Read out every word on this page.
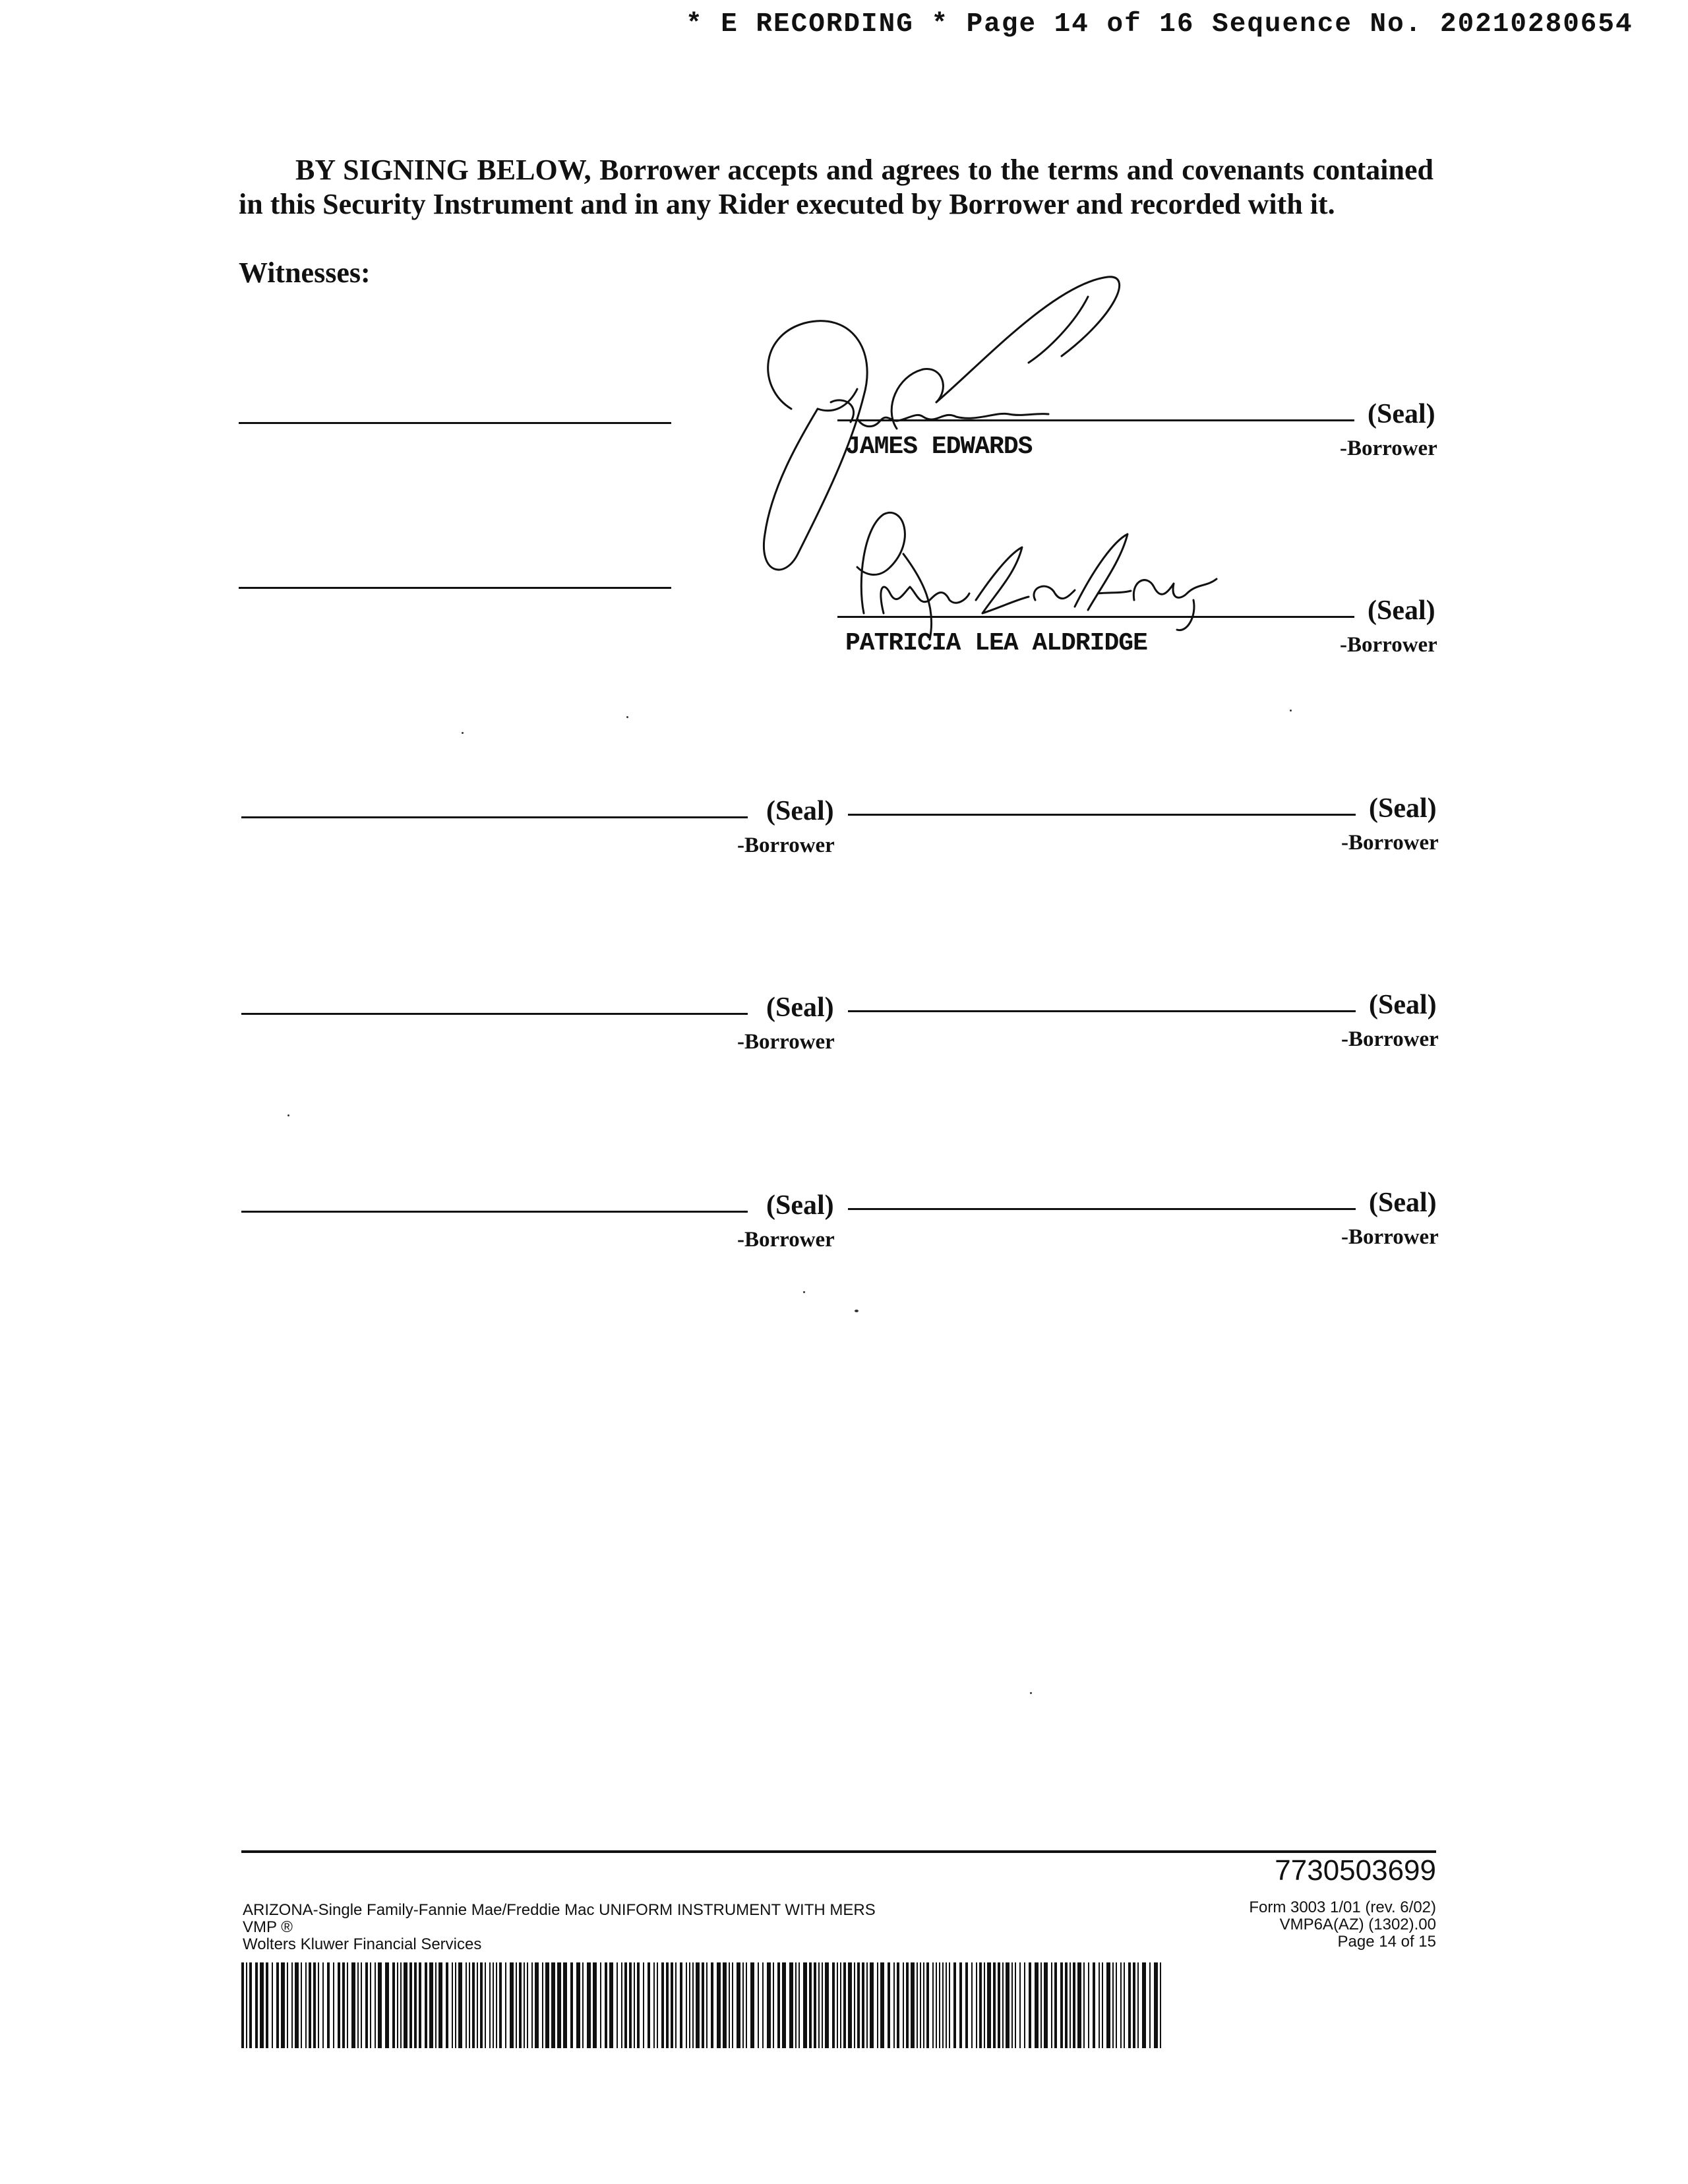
* E RECORDING * Page 14 of 16 Sequence No. 20210280654
BY SIGNING BELOW, Borrower accepts and agrees to the terms and covenants contained in this Security Instrument and in any Rider executed by Borrower and recorded with it.
Witnesses:
(Seal)
-Borrower
JAMES EDWARDS
(Seal)
-Borrower
PATRICIA LEA ALDRIDGE
(Seal)
-Borrower
(Seal)
-Borrower
(Seal)
-Borrower
(Seal)
-Borrower
(Seal)
-Borrower
(Seal)
-Borrower
7730503699
ARIZONA-Single Family-Fannie Mae/Freddie Mac UNIFORM INSTRUMENT WITH MERS
VMP ®
Wolters Kluwer Financial Services
Form 3003 1/01 (rev. 6/02)
VMP6A(AZ) (1302).00
Page 14 of 15
